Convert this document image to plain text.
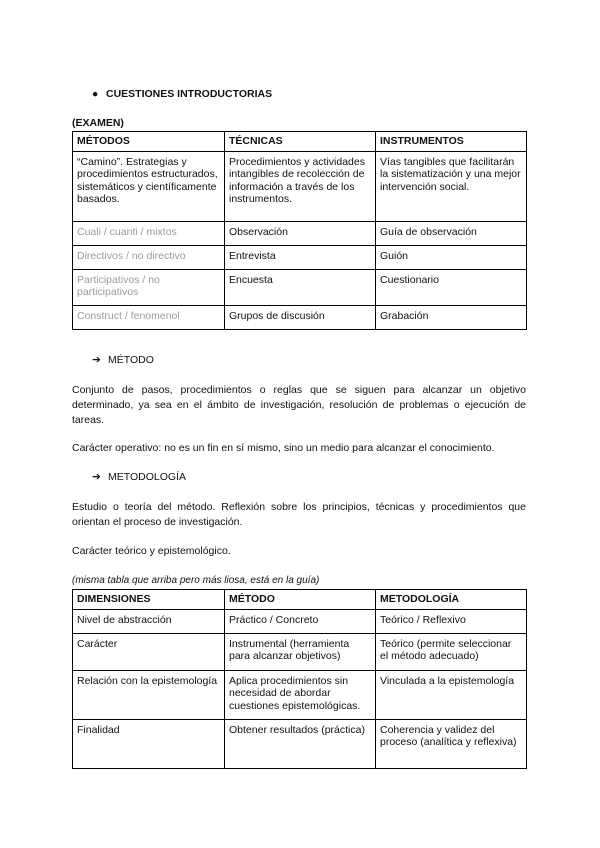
● CUESTIONES INTRODUCTORIAS
(EXAMEN)
MÉTODOS	TÉCNICAS	INSTRUMENTOS
“Camino”. Estrategias y procedimientos estructurados, sistemáticos y científicamente basados.	Procedimientos y actividades intangibles de recolección de información a través de los instrumentos.	Vías tangibles que facilitarán la sistematización y una mejor intervención social.
Cuali / cuanti / mixtos	Observación	Guía de observación
Directivos / no directivo	Entrevista	Guión
Participativos / no participativos	Encuesta	Cuestionario
Construct / fenomenol	Grupos de discusión	Grabación
➔ MÉTODO
Conjunto de pasos, procedimientos o reglas que se siguen para alcanzar un objetivo determinado, ya sea en el ámbito de investigación, resolución de problemas o ejecución de tareas.
Carácter operativo: no es un fin en sí mismo, sino un medio para alcanzar el conocimiento.
➔ METODOLOGÍA
Estudio o teoría del método. Reflexión sobre los principios, técnicas y procedimientos que orientan el proceso de investigación.
Carácter teórico y epistemológico.
(misma tabla que arriba pero más liosa, está en la guía)
DIMENSIONES	MÉTODO	METODOLOGÍA
Nivel de abstracción	Práctico / Concreto	Teórico / Reflexivo
Carácter	Instrumental (herramienta para alcanzar objetivos)	Teórico (permite seleccionar el método adecuado)
Relación con la epistemología	Aplica procedimientos sin necesidad de abordar cuestiones epistemológicas.	Vinculada a la epistemología
Finalidad	Obtener resultados (práctica)	Coherencia y validez del proceso (analítica y reflexiva)
